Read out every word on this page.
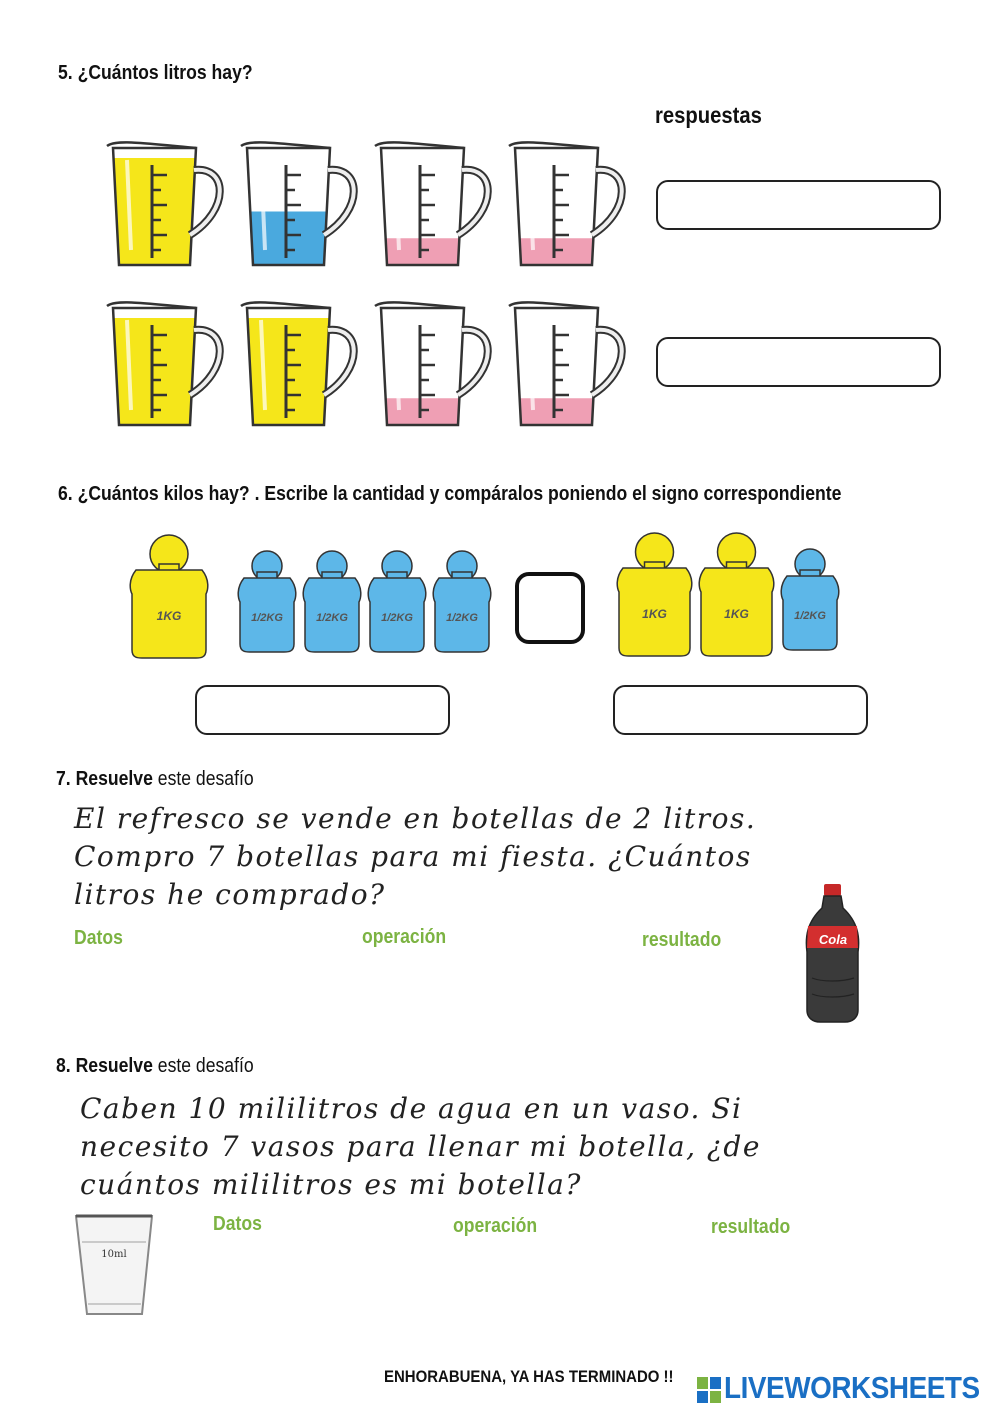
5. ¿Cuántos litros hay?
respuestas
6. ¿Cuántos kilos hay? . Escribe la cantidad y compáralos poniendo el signo correspondiente
1KG	1/2KG	1/2KG	1/2KG	1/2KG	1KG	1KG	1/2KG
7. Resuelve este desafío
El refresco se vende en botellas de 2 litros.
Compro 7 botellas para mi fiesta. ¿Cuántos
litros he comprado?
Datos	operación	resultado	Cola
8. Resuelve este desafío
Caben 10 mililitros de agua en un vaso. Si
necesito 7 vasos para llenar mi botella, ¿de
cuántos mililitros es mi botella?
10ml
Datos	operación	resultado
ENHORABUENA, YA HAS TERMINADO !! LIVEWORKSHEETS
